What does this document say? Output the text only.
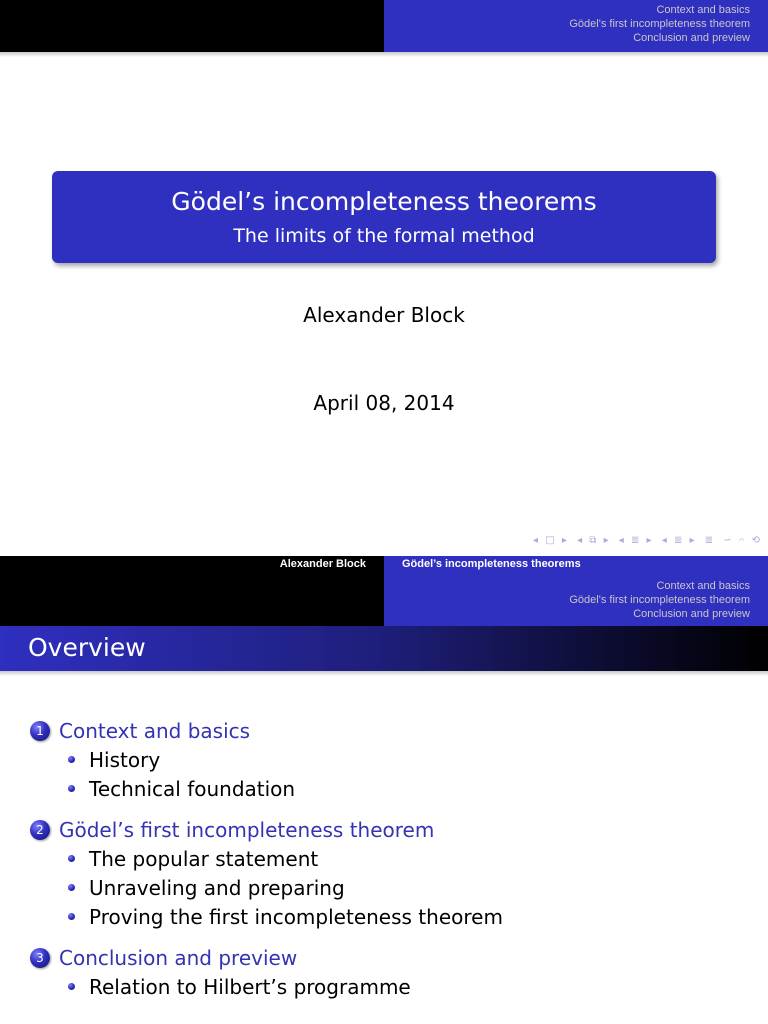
Context and basics
Gödel's first incompleteness theorem
Conclusion and preview
Gödel’s incompleteness theorems
The limits of the formal method
Alexander Block
April 08, 2014
◂ □ ▸ ◂ ⧉ ▸ ◂ ≣ ▸ ◂ ≣ ▸ ≣ ∽ 𝄐 ⟲
Alexander Block	Gödel’s incompleteness theorems
Context and basics
Gödel's first incompleteness theorem
Conclusion and preview
Overview
1 Context and basics
History
Technical foundation
2 Gödel’s first incompleteness theorem
The popular statement
Unraveling and preparing
Proving the first incompleteness theorem
3 Conclusion and preview
Relation to Hilbert’s programme
